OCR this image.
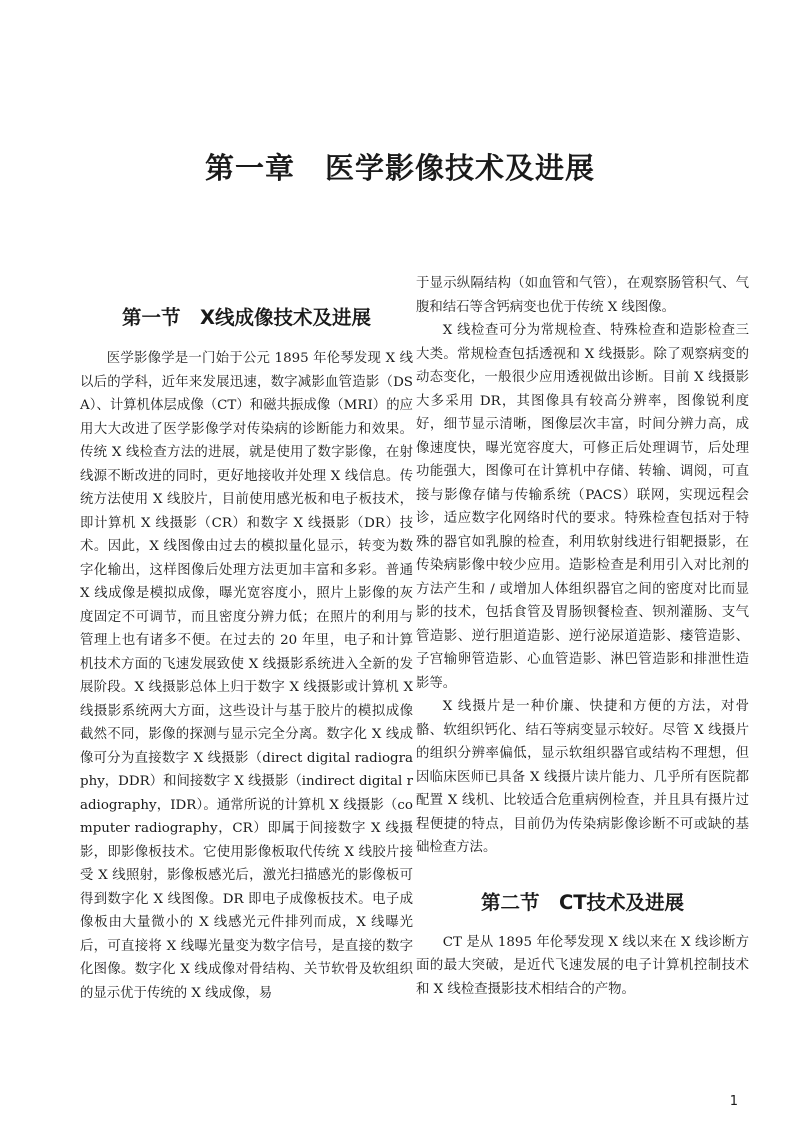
第一章　医学影像技术及进展
第一节　X线成像技术及进展

医学影像学是一门始于公元 1895 年伦琴发现 X 线以后的学科，近年来发展迅速，数字减影血管造影（DSA）、计算机体层成像（CT）和磁共振成像（MRI）的应用大大改进了医学影像学对传染病的诊断能力和效果。传统 X 线检查方法的进展，就是使用了数字影像，在射线源不断改进的同时，更好地接收并处理 X 线信息。传统方法使用 X 线胶片，目前使用感光板和电子板技术，即计算机 X 线摄影（CR）和数字 X 线摄影（DR）技术。因此，X 线图像由过去的模拟量化显示，转变为数字化输出，这样图像后处理方法更加丰富和多彩。普通 X 线成像是模拟成像，曝光宽容度小，照片上影像的灰度固定不可调节，而且密度分辨力低；在照片的利用与管理上也有诸多不便。在过去的 20 年里，电子和计算机技术方面的飞速发展致使 X 线摄影系统进入全新的发展阶段。X 线摄影总体上归于数字 X 线摄影或计算机 X 线摄影系统两大方面，这些设计与基于胶片的模拟成像截然不同，影像的探测与显示完全分离。数字化 X 线成像可分为直接数字 X 线摄影（direct digital radiography，DDR）和间接数字 X 线摄影（indirect digital radiography，IDR）。通常所说的计算机 X 线摄影（computer radiography，CR）即属于间接数字 X 线摄影，即影像板技术。它使用影像板取代传统 X 线胶片接受 X 线照射，影像板感光后，激光扫描感光的影像板可得到数字化 X 线图像。DR 即电子成像板技术。电子成像板由大量微小的 X 线感光元件排列而成，X 线曝光后，可直接将 X 线曝光量变为数字信号，是直接的数字化图像。数字化 X 线成像对骨结构、关节软骨及软组织的显示优于传统的 X 线成像，易

于显示纵隔结构（如血管和气管），在观察肠管积气、气腹和结石等含钙病变也优于传统 X 线图像。

X 线检查可分为常规检查、特殊检查和造影检查三大类。常规检查包括透视和 X 线摄影。除了观察病变的动态变化，一般很少应用透视做出诊断。目前 X 线摄影大多采用 DR，其图像具有较高分辨率，图像锐利度好，细节显示清晰，图像层次丰富，时间分辨力高，成像速度快，曝光宽容度大，可修正后处理调节，后处理功能强大，图像可在计算机中存储、转输、调阅，可直接与影像存储与传输系统（PACS）联网，实现远程会诊，适应数字化网络时代的要求。特殊检查包括对于特殊的器官如乳腺的检查，利用软射线进行钼靶摄影，在传染病影像中较少应用。造影检查是利用引入对比剂的方法产生和 / 或增加人体组织器官之间的密度对比而显影的技术，包括食管及胃肠钡餐检查、钡剂灌肠、支气管造影、逆行胆道造影、逆行泌尿道造影、瘘管造影、子宫输卵管造影、心血管造影、淋巴管造影和排泄性造影等。

X 线摄片是一种价廉、快捷和方便的方法，对骨骼、软组织钙化、结石等病变显示较好。尽管 X 线摄片的组织分辨率偏低，显示软组织器官或结构不理想，但因临床医师已具备 X 线摄片读片能力、几乎所有医院都配置 X 线机、比较适合危重病例检查，并且具有摄片过程便捷的特点，目前仍为传染病影像诊断不可或缺的基础检查方法。

第二节　CT技术及进展

CT 是从 1895 年伦琴发现 X 线以来在 X 线诊断方面的最大突破，是近代飞速发展的电子计算机控制技术和 X 线检查摄影技术相结合的产物。

1
